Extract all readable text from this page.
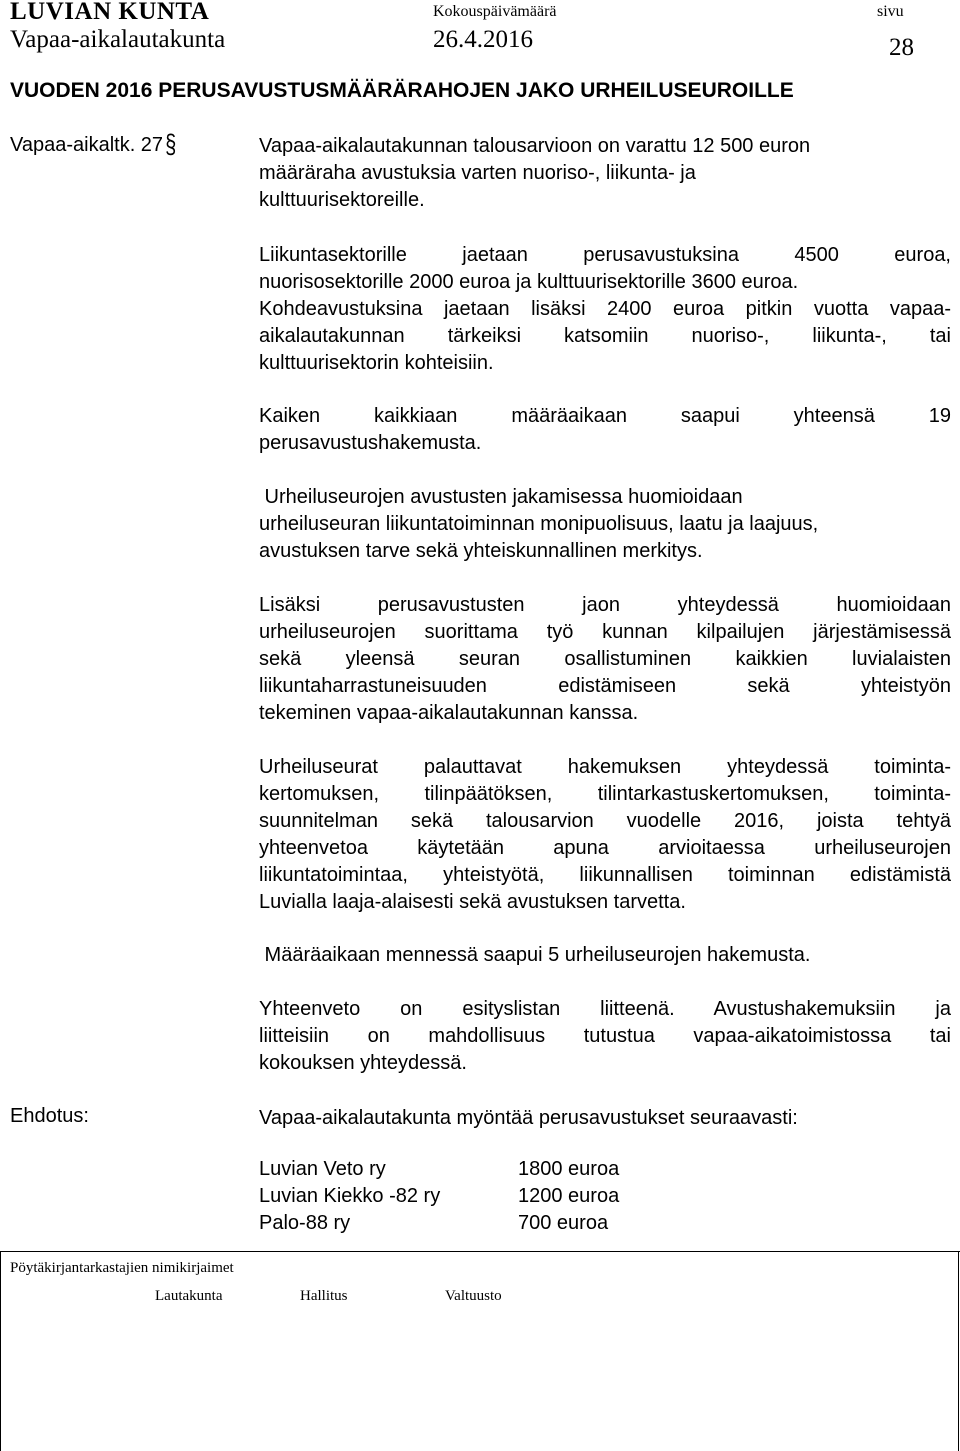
LUVIAN KUNTA
Vapaa-aikalautakunta
Kokouspäivämäärä
26.4.2016
sivu
28
VUODEN 2016 PERUSAVUSTUSMÄÄRÄRAHOJEN JAKO URHEILUSEUROILLE
Vapaa-aikaltk. 27 §	Vapaa-aikalautakunnan talousarvioon on varattu 12 500 euron
määräraha avustuksia varten nuoriso-, liikunta- ja
kulttuurisektoreille.
Liikuntasektorille jaetaan perusavustuksina 4500 euroa,
nuorisosektorille 2000 euroa ja kulttuurisektorille 3600 euroa.
Kohdeavustuksina jaetaan lisäksi 2400 euroa pitkin vuotta vapaa-
aikalautakunnan tärkeiksi katsomiin nuoriso-, liikunta-, tai
kulttuurisektorin kohteisiin.
Kaiken kaikkiaan määräaikaan saapui yhteensä 19
perusavustushakemusta.
Urheiluseurojen avustusten jakamisessa huomioidaan
urheiluseuran liikuntatoiminnan monipuolisuus, laatu ja laajuus,
avustuksen tarve sekä yhteiskunnallinen merkitys.
Lisäksi perusavustusten jaon yhteydessä huomioidaan
urheiluseurojen suorittama työ kunnan kilpailujen järjestämisessä
sekä yleensä seuran osallistuminen kaikkien luvialaisten
liikuntaharrastuneisuuden edistämiseen sekä yhteistyön
tekeminen vapaa-aikalautakunnan kanssa.
Urheiluseurat palauttavat hakemuksen yhteydessä toiminta-
kertomuksen, tilinpäätöksen, tilintarkastuskertomuksen, toiminta-
suunnitelman sekä talousarvion vuodelle 2016, joista tehtyä
yhteenvetoa käytetään apuna arvioitaessa urheiluseurojen
liikuntatoimintaa, yhteistyötä, liikunnallisen toiminnan edistämistä
Luvialla laaja-alaisesti sekä avustuksen tarvetta.
Määräaikaan mennessä saapui 5 urheiluseurojen hakemusta.
Yhteenveto on esityslistan liitteenä. Avustushakemuksiin ja
liitteisiin on mahdollisuus tutustua vapaa-aikatoimistossa tai
kokouksen yhteydessä.
Ehdotus:	Vapaa-aikalautakunta myöntää perusavustukset seuraavasti:
Luvian Veto ry	1800 euroa
Luvian Kiekko -82 ry	1200 euroa
Palo-88 ry	700 euroa
Pöytäkirjantarkastajien nimikirjaimet
Lautakunta	Hallitus	Valtuusto
